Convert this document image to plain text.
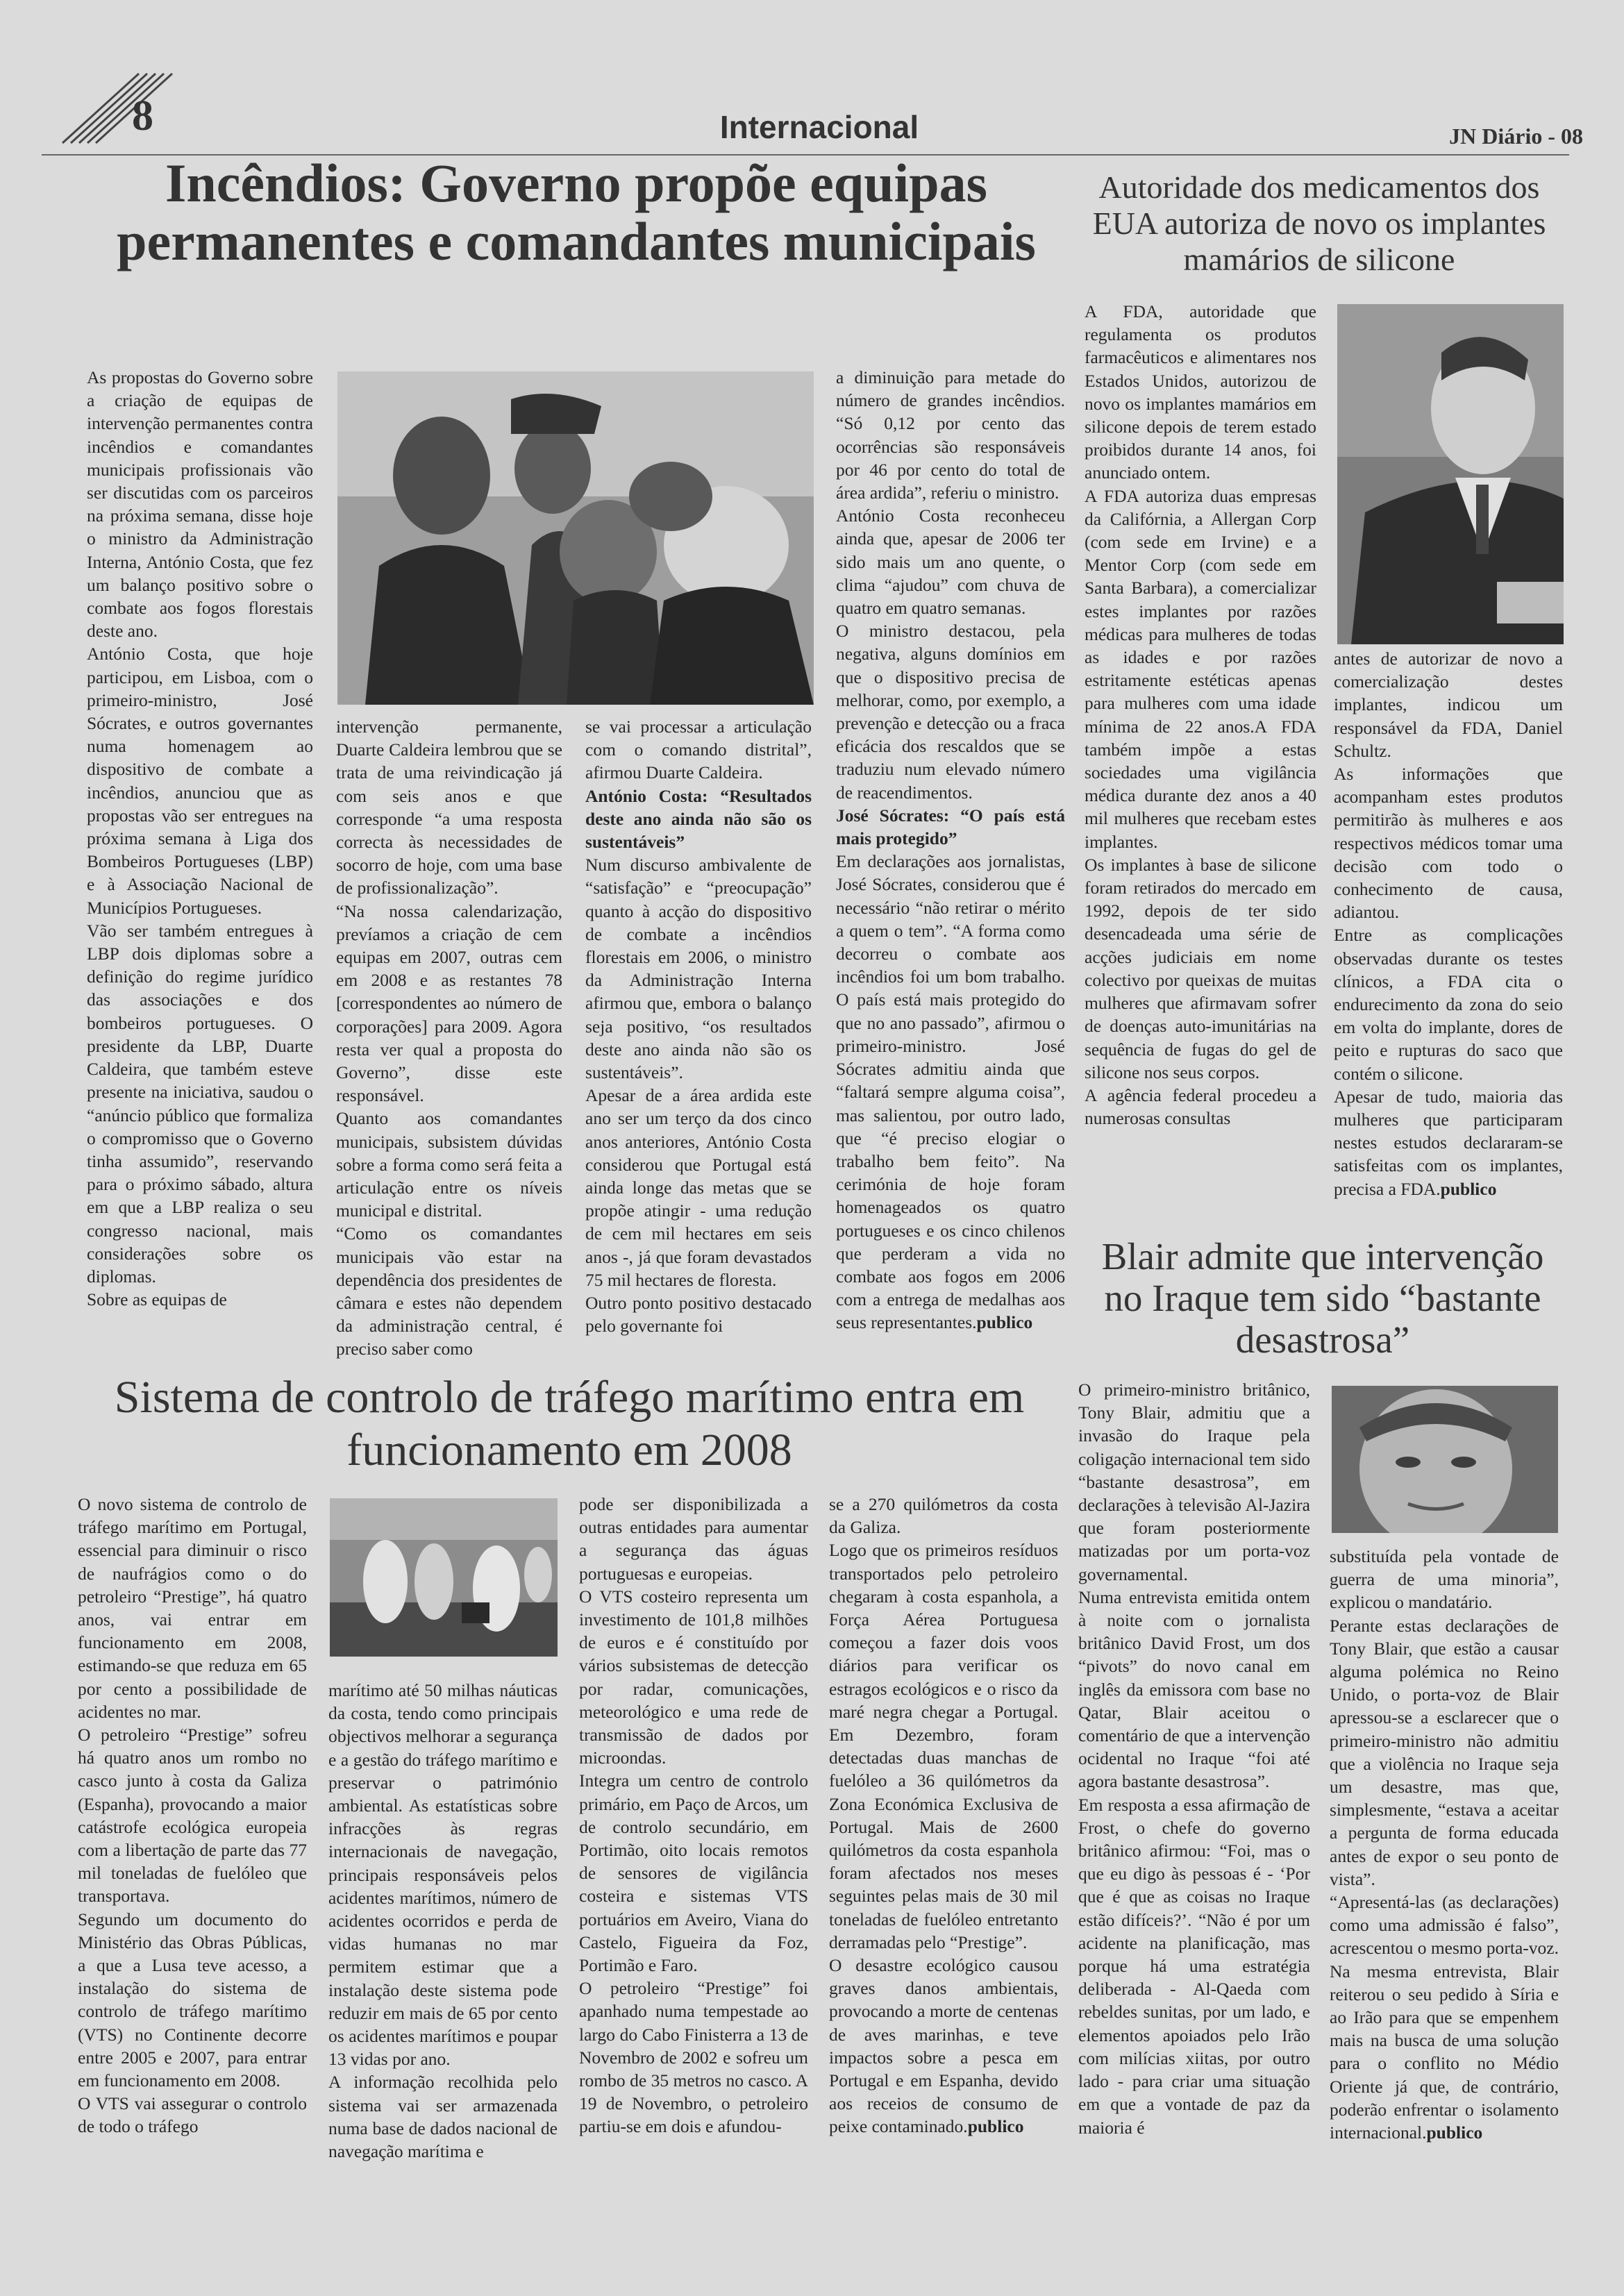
8	Internacional	JN Diário - 08
Incêndios: Governo propõe equipas permanentes e comandantes municipais

As propostas do Governo sobre a criação de equipas de intervenção permanentes contra incêndios e comandantes municipais profissionais vão ser discutidas com os parceiros na próxima semana, disse hoje o ministro da Administração Interna, António Costa, que fez um balanço positivo sobre o combate aos fogos florestais deste ano.

António Costa, que hoje participou, em Lisboa, com o primeiro-ministro, José Sócrates, e outros governantes numa homenagem ao dispositivo de combate a incêndios, anunciou que as propostas vão ser entregues na próxima semana à Liga dos Bombeiros Portugueses (LBP) e à Associação Nacional de Municípios Portugueses.

Vão ser também entregues à LBP dois diplomas sobre a definição do regime jurídico das associações e dos bombeiros portugueses. O presidente da LBP, Duarte Caldeira, que também esteve presente na iniciativa, saudou o “anúncio público que formaliza o compromisso que o Governo tinha assumido”, reservando para o próximo sábado, altura em que a LBP realiza o seu congresso nacional, mais considerações sobre os diplomas.

Sobre as equipas de

intervenção permanente, Duarte Caldeira lembrou que se trata de uma reivindicação já com seis anos e que corresponde “a uma resposta correcta às necessidades de socorro de hoje, com uma base de profissionalização”.

“Na nossa calendarização, prevíamos a criação de cem equipas em 2007, outras cem em 2008 e as restantes 78 [correspondentes ao número de corporações] para 2009. Agora resta ver qual a proposta do Governo”, disse este responsável.

Quanto aos comandantes municipais, subsistem dúvidas sobre a forma como será feita a articulação entre os níveis municipal e distrital.

“Como os comandantes municipais vão estar na dependência dos presidentes de câmara e estes não dependem da administração central, é preciso saber como

se vai processar a articulação com o comando distrital”, afirmou Duarte Caldeira.

António Costa: “Resultados deste ano ainda não são os sustentáveis”

Num discurso ambivalente de “satisfação” e “preocupação” quanto à acção do dispositivo de combate a incêndios florestais em 2006, o ministro da Administração Interna afirmou que, embora o balanço seja positivo, “os resultados deste ano ainda não são os sustentáveis”.

Apesar de a área ardida este ano ser um terço da dos cinco anos anteriores, António Costa considerou que Portugal está ainda longe das metas que se propõe atingir - uma redução de cem mil hectares em seis anos -, já que foram devastados 75 mil hectares de floresta.

Outro ponto positivo destacado pelo governante foi

a diminuição para metade do número de grandes incêndios. “Só 0,12 por cento das ocorrências são responsáveis por 46 por cento do total de área ardida”, referiu o ministro.

António Costa reconheceu ainda que, apesar de 2006 ter sido mais um ano quente, o clima “ajudou” com chuva de quatro em quatro semanas.

O ministro destacou, pela negativa, alguns domínios em que o dispositivo precisa de melhorar, como, por exemplo, a prevenção e detecção ou a fraca eficácia dos rescaldos que se traduziu num elevado número de reacendimentos.

José Sócrates: “O país está mais protegido”

Em declarações aos jornalistas, José Sócrates, considerou que é necessário “não retirar o mérito a quem o tem”. “A forma como decorreu o combate aos incêndios foi um bom trabalho. O país está mais protegido do que no ano passado”, afirmou o primeiro-ministro. José Sócrates admitiu ainda que “faltará sempre alguma coisa”, mas salientou, por outro lado, que “é preciso elogiar o trabalho bem feito”. Na cerimónia de hoje foram homenageados os quatro portugueses e os cinco chilenos que perderam a vida no combate aos fogos em 2006 com a entrega de medalhas aos seus representantes.publico

Autoridade dos medicamentos dos EUA autoriza de novo os implantes mamários de silicone

A FDA, autoridade que regulamenta os produtos farmacêuticos e alimentares nos Estados Unidos, autorizou de novo os implantes mamários em silicone depois de terem estado proibidos durante 14 anos, foi anunciado ontem.

A FDA autoriza duas empresas da Califórnia, a Allergan Corp (com sede em Irvine) e a Mentor Corp (com sede em Santa Barbara), a comercializar estes implantes por razões médicas para mulheres de todas as idades e por razões estritamente estéticas apenas para mulheres com uma idade mínima de 22 anos.A FDA também impõe a estas sociedades uma vigilância médica durante dez anos a 40 mil mulheres que recebam estes implantes.

Os implantes à base de silicone foram retirados do mercado em 1992, depois de ter sido desencadeada uma série de acções judiciais em nome colectivo por queixas de muitas mulheres que afirmavam sofrer de doenças auto-imunitárias na sequência de fugas do gel de silicone nos seus corpos.

A agência federal procedeu a numerosas consultas

antes de autorizar de novo a comercialização destes implantes, indicou um responsável da FDA, Daniel Schultz.

As informações que acompanham estes produtos permitirão às mulheres e aos respectivos médicos tomar uma decisão com todo o conhecimento de causa, adiantou.

Entre as complicações observadas durante os testes clínicos, a FDA cita o endurecimento da zona do seio em volta do implante, dores de peito e rupturas do saco que contém o silicone.

Apesar de tudo, maioria das mulheres que participaram nestes estudos declararam-se satisfeitas com os implantes, precisa a FDA.publico

Blair admite que intervenção no Iraque tem sido “bastante desastrosa”

O primeiro-ministro britânico, Tony Blair, admitiu que a invasão do Iraque pela coligação internacional tem sido “bastante desastrosa”, em declarações à televisão Al-Jazira que foram posteriormente matizadas por um porta-voz governamental.

Numa entrevista emitida ontem à noite com o jornalista britânico David Frost, um dos “pivots” do novo canal em inglês da emissora com base no Qatar, Blair aceitou o comentário de que a intervenção ocidental no Iraque “foi até agora bastante desastrosa”.

Em resposta a essa afirmação de Frost, o chefe do governo britânico afirmou: “Foi, mas o que eu digo às pessoas é - ‘Por que é que as coisas no Iraque estão difíceis?’. “Não é por um acidente na planificação, mas porque há uma estratégia deliberada - Al-Qaeda com rebeldes sunitas, por um lado, e elementos apoiados pelo Irão com milícias xiitas, por outro lado - para criar uma situação em que a vontade de paz da maioria é

substituída pela vontade de guerra de uma minoria”, explicou o mandatário.

Perante estas declarações de Tony Blair, que estão a causar alguma polémica no Reino Unido, o porta-voz de Blair apressou-se a esclarecer que o primeiro-ministro não admitiu que a violência no Iraque seja um desastre, mas que, simplesmente, “estava a aceitar a pergunta de forma educada antes de expor o seu ponto de vista”.

“Apresentá-las (as declarações) como uma admissão é falso”, acrescentou o mesmo porta-voz.

Na mesma entrevista, Blair reiterou o seu pedido à Síria e ao Irão para que se empenhem mais na busca de uma solução para o conflito no Médio Oriente já que, de contrário, poderão enfrentar o isolamento internacional.publico

Sistema de controlo de tráfego marítimo entra em funcionamento em 2008

O novo sistema de controlo de tráfego marítimo em Portugal, essencial para diminuir o risco de naufrágios como o do petroleiro “Prestige”, há quatro anos, vai entrar em funcionamento em 2008, estimando-se que reduza em 65 por cento a possibilidade de acidentes no mar.

O petroleiro “Prestige” sofreu há quatro anos um rombo no casco junto à costa da Galiza (Espanha), provocando a maior catástrofe ecológica europeia com a libertação de parte das 77 mil toneladas de fuelóleo que transportava.

Segundo um documento do Ministério das Obras Públicas, a que a Lusa teve acesso, a instalação do sistema de controlo de tráfego marítimo (VTS) no Continente decorre entre 2005 e 2007, para entrar em funcionamento em 2008.

O VTS vai assegurar o controlo de todo o tráfego

marítimo até 50 milhas náuticas da costa, tendo como principais objectivos melhorar a segurança e a gestão do tráfego marítimo e preservar o património ambiental. As estatísticas sobre infracções às regras internacionais de navegação, principais responsáveis pelos acidentes marítimos, número de acidentes ocorridos e perda de vidas humanas no mar permitem estimar que a instalação deste sistema pode reduzir em mais de 65 por cento os acidentes marítimos e poupar 13 vidas por ano.

A informação recolhida pelo sistema vai ser armazenada numa base de dados nacional de navegação marítima e

pode ser disponibilizada a outras entidades para aumentar a segurança das águas portuguesas e europeias.

O VTS costeiro representa um investimento de 101,8 milhões de euros e é constituído por vários subsistemas de detecção por radar, comunicações, meteorológico e uma rede de transmissão de dados por microondas.

Integra um centro de controlo primário, em Paço de Arcos, um de controlo secundário, em Portimão, oito locais remotos de sensores de vigilância costeira e sistemas VTS portuários em Aveiro, Viana do Castelo, Figueira da Foz, Portimão e Faro.

O petroleiro “Prestige” foi apanhado numa tempestade ao largo do Cabo Finisterra a 13 de Novembro de 2002 e sofreu um rombo de 35 metros no casco. A 19 de Novembro, o petroleiro partiu-se em dois e afundou-

se a 270 quilómetros da costa da Galiza.

Logo que os primeiros resíduos transportados pelo petroleiro chegaram à costa espanhola, a Força Aérea Portuguesa começou a fazer dois voos diários para verificar os estragos ecológicos e o risco da maré negra chegar a Portugal. Em Dezembro, foram detectadas duas manchas de fuelóleo a 36 quilómetros da Zona Económica Exclusiva de Portugal. Mais de 2600 quilómetros da costa espanhola foram afectados nos meses seguintes pelas mais de 30 mil toneladas de fuelóleo entretanto derramadas pelo “Prestige”.

O desastre ecológico causou graves danos ambientais, provocando a morte de centenas de aves marinhas, e teve impactos sobre a pesca em Portugal e em Espanha, devido aos receios de consumo de peixe contaminado.publico
